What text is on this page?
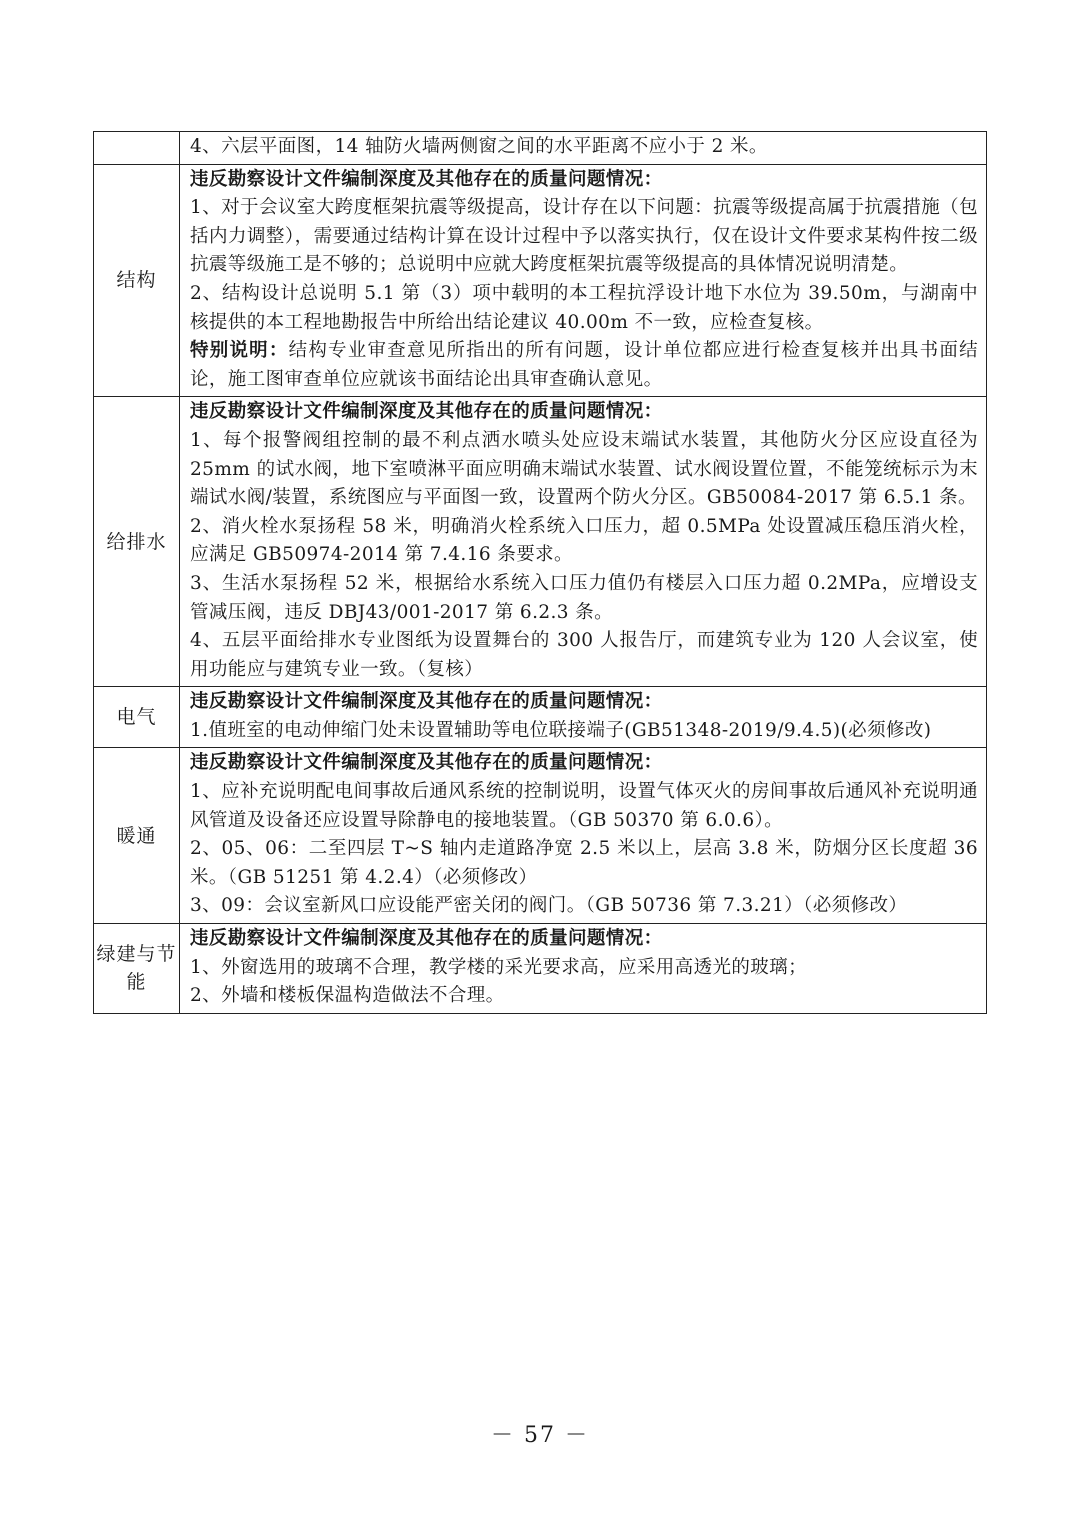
	4、六层平面图，14 轴防火墙两侧窗之间的水平距离不应小于 2 米。

结构	违反勘察设计文件编制深度及其他存在的质量问题情况：

1、对于会议室大跨度框架抗震等级提高，设计存在以下问题：抗震等级提高属于抗震措施（包括内力调整），需要通过结构计算在设计过程中予以落实执行，仅在设计文件要求某构件按二级抗震等级施工是不够的；总说明中应就大跨度框架抗震等级提高的具体情况说明清楚。

2、结构设计总说明 5.1 第（3）项中载明的本工程抗浮设计地下水位为 39.50m，与湖南中核提供的本工程地勘报告中所给出结论建议 40.00m 不一致，应检查复核。

特别说明：结构专业审查意见所指出的所有问题，设计单位都应进行检查复核并出具书面结论，施工图审查单位应就该书面结论出具审查确认意见。

给排水	违反勘察设计文件编制深度及其他存在的质量问题情况：

1、每个报警阀组控制的最不利点洒水喷头处应设末端试水装置，其他防火分区应设直径为 25mm 的试水阀，地下室喷淋平面应明确末端试水装置、试水阀设置位置，不能笼统标示为末端试水阀/装置，系统图应与平面图一致，设置两个防火分区。GB50084-2017 第 6.5.1 条。

2、消火栓水泵扬程 58 米，明确消火栓系统入口压力，超 0.5MPa 处设置减压稳压消火栓，应满足 GB50974-2014 第 7.4.16 条要求。

3、生活水泵扬程 52 米，根据给水系统入口压力值仍有楼层入口压力超 0.2MPa，应增设支管减压阀，违反 DBJ43/001-2017 第 6.2.3 条。

4、五层平面给排水专业图纸为设置舞台的 300 人报告厅，而建筑专业为 120 人会议室，使用功能应与建筑专业一致。（复核）

电气	违反勘察设计文件编制深度及其他存在的质量问题情况：

1.值班室的电动伸缩门处未设置辅助等电位联接端子(GB51348-2019/9.4.5)(必须修改)

暖通	违反勘察设计文件编制深度及其他存在的质量问题情况：

1、应补充说明配电间事故后通风系统的控制说明，设置气体灭火的房间事故后通风补充说明通风管道及设备还应设置导除静电的接地装置。（GB 50370 第 6.0.6）。

2、05、06：二至四层 T~S 轴内走道路净宽 2.5 米以上，层高 3.8 米，防烟分区长度超 36 米。（GB 51251 第 4.2.4）（必须修改）

3、09：会议室新风口应设能严密关闭的阀门。（GB 50736 第 7.3.21）（必须修改）

绿建与节能	违反勘察设计文件编制深度及其他存在的质量问题情况：

1、外窗选用的玻璃不合理，教学楼的采光要求高，应采用高透光的玻璃；

2、外墙和楼板保温构造做法不合理。

－ 57 －
